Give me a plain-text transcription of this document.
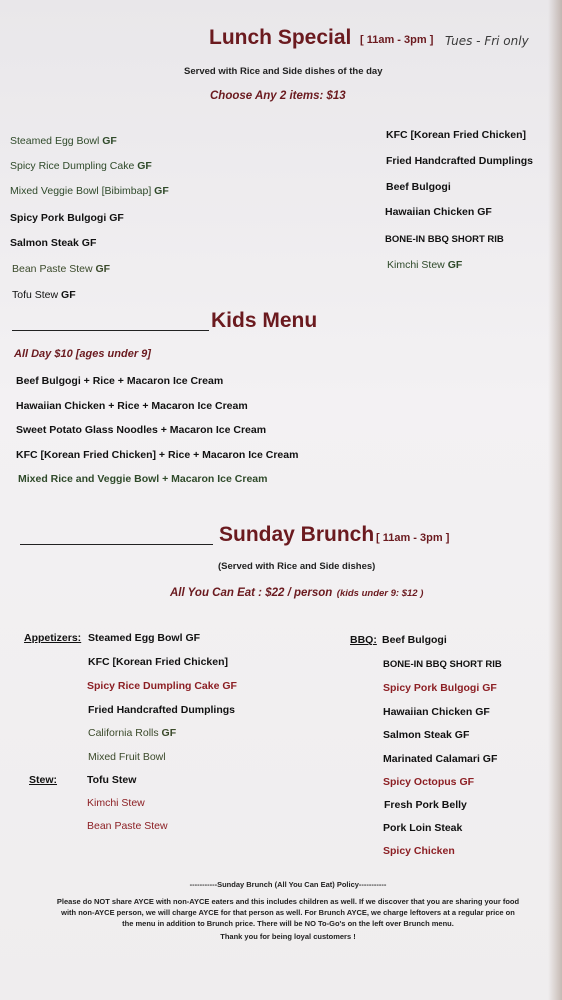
Lunch Special [ 11am - 3pm ] Tues - Fri only
Served with Rice and Side dishes of the day
Choose Any 2 items: $13
Steamed Egg Bowl GF
Spicy Rice Dumpling Cake GF
Mixed Veggie Bowl [Bibimbap] GF
Spicy Pork Bulgogi GF
Salmon Steak GF
Bean Paste Stew GF
Tofu Stew GF
KFC [Korean Fried Chicken]
Fried Handcrafted Dumplings
Beef Bulgogi
Hawaiian Chicken GF
BONE-IN BBQ SHORT RIB
Kimchi Stew GF
Kids Menu
All Day $10 [ages under 9]
Beef Bulgogi + Rice + Macaron Ice Cream
Hawaiian Chicken + Rice + Macaron Ice Cream
Sweet Potato Glass Noodles + Macaron Ice Cream
KFC [Korean Fried Chicken] + Rice + Macaron Ice Cream
Mixed Rice and Veggie Bowl + Macaron Ice Cream
Sunday Brunch [ 11am - 3pm ]
(Served with Rice and Side dishes)
All You Can Eat : $22 / person (kids under 9: $12 )
Appetizers:
Stew:
BBQ:
Steamed Egg Bowl GF
KFC [Korean Fried Chicken]
Spicy Rice Dumpling Cake GF
Fried Handcrafted Dumplings
California Rolls GF
Mixed Fruit Bowl
Tofu Stew
Kimchi Stew
Bean Paste Stew
Beef Bulgogi
BONE-IN BBQ SHORT RIB
Spicy Pork Bulgogi GF
Hawaiian Chicken GF
Salmon Steak GF
Marinated Calamari GF
Spicy Octopus GF
Fresh Pork Belly
Pork Loin Steak
Spicy Chicken
-----------Sunday Brunch (All You Can Eat) Policy-----------
Please do NOT share AYCE with non-AYCE eaters and this includes children as well. If we discover that you are sharing your food
with non-AYCE person, we will charge AYCE for that person as well. For Brunch AYCE, we charge leftovers at a regular price on
the menu in addition to Brunch price. There will be NO To-Go's on the left over Brunch menu.
Thank you for being loyal customers !
